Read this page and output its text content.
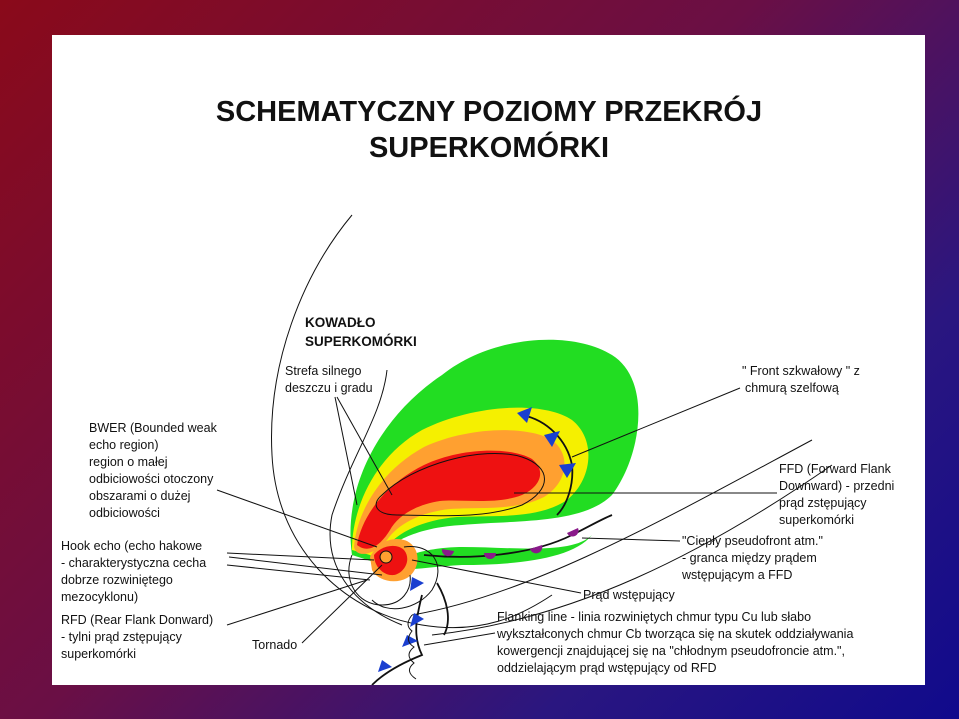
SCHEMATYCZNY POZIOMY PRZEKRÓJ
SUPERKOMÓRKI
KOWADŁO
SUPERKOMÓRKI
Strefa silnego
deszczu i gradu
" Front szkwałowy " z
chmurą szelfową
BWER (Bounded weak
echo region)
region o małej
odbiciowości otoczony
obszarami o dużej
odbiciowości
FFD (Forward Flank
Downward) - przedni
prąd zstępujący
superkomórki
"Ciepły pseudofront atm."
- granca między prądem
wstępującym a FFD
Hook echo (echo hakowe
- charakterystyczna cecha
dobrze rozwiniętego
mezocyklonu)	Prąd wstępujący
RFD (Rear Flank Donward)
- tylni prąd zstępujący
superkomórki
Tornado
Flanking line - linia rozwiniętych chmur typu Cu lub słabo
wykształconych chmur Cb tworząca się na skutek oddziaływania
kowergencji znajdującej się na "chłodnym pseudofroncie atm.",
oddzielającym prąd wstępujący od RFD
